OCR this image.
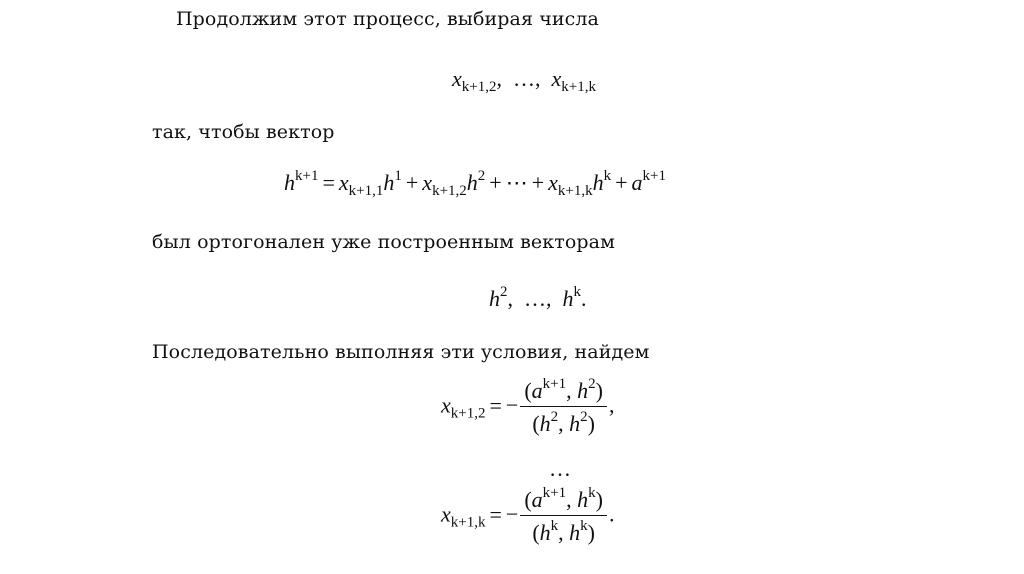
Продолжим этот процесс, выбирая числа
$x_{k+1,2}$,  …,  $x_{k+1,k}$
так, чтобы вектор
$h^{k+1} = x_{k+1,1}h^1 + x_{k+1,2}h^2$ + ⋯ + $x_{k+1,k}h^k + a^{k+1}$
был ортогонален уже построенным векторам
$h^2$,  …,  $h^k$.
Последовательно выполняя эти условия, найдем
$x_{k+1,2}$ = − $\frac{(a^{k+1}, h^2)}{(h^2, h^2)}$ ,
…
$x_{k+1,k}$ = − $\frac{(a^{k+1}, h^k)}{(h^k, h^k)}$ .
